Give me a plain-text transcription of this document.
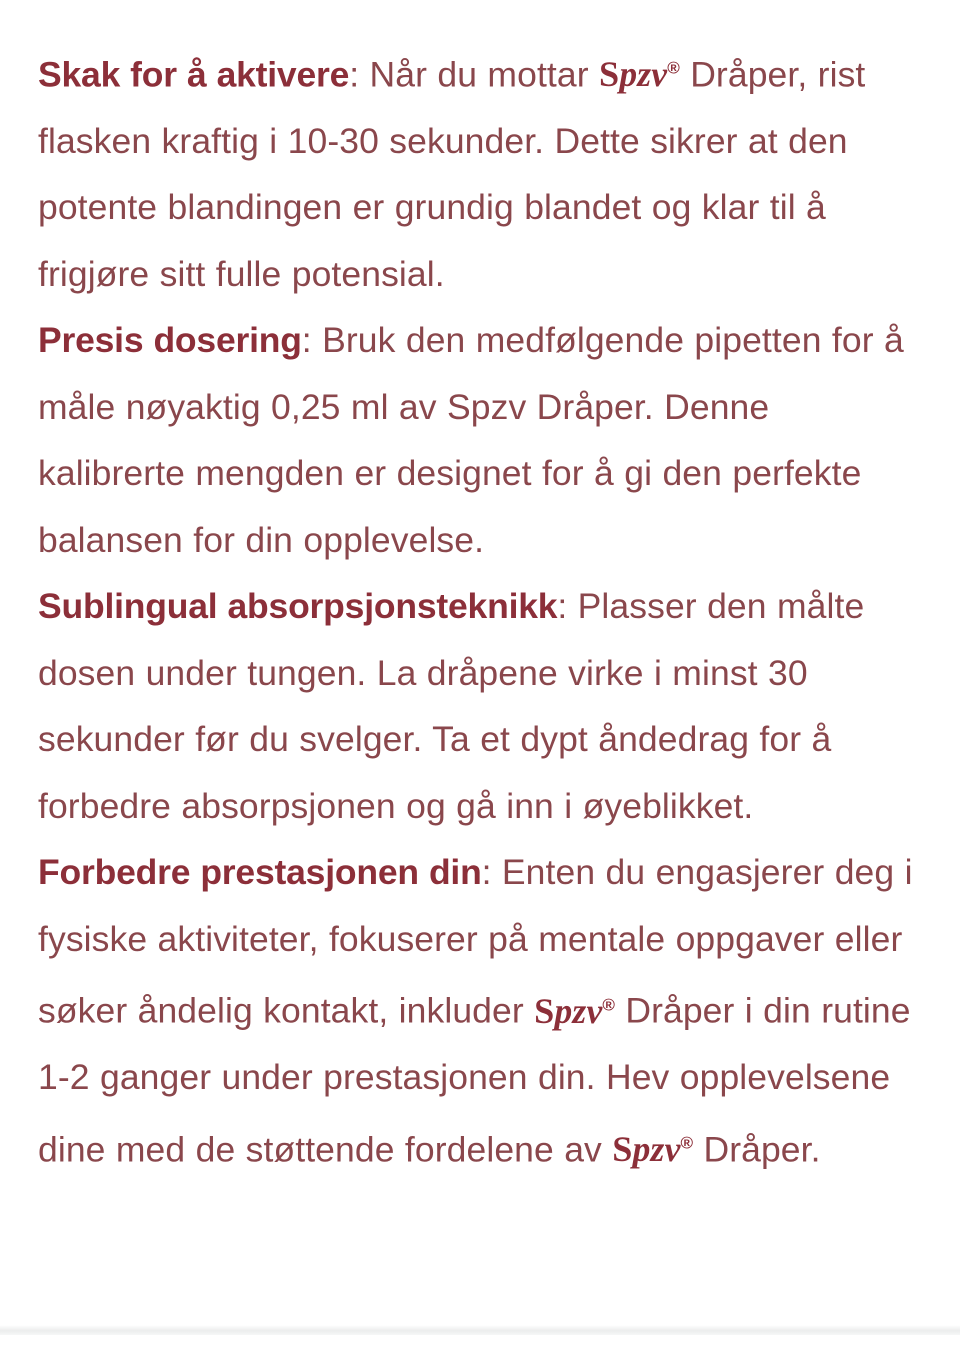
Skak for å aktivere: Når du mottar Spzv® Dråper, rist flasken kraftig i 10-30 sekunder. Dette sikrer at den potente blandingen er grundig blandet og klar til å frigjøre sitt fulle potensial.

Presis dosering: Bruk den medfølgende pipetten for å måle nøyaktig 0,25 ml av Spzv Dråper. Denne kalibrerte mengden er designet for å gi den perfekte balansen for din opplevelse.

Sublingual absorpsjonsteknikk: Plasser den målte dosen under tungen. La dråpene virke i minst 30 sekunder før du svelger. Ta et dypt åndedrag for å forbedre absorpsjonen og gå inn i øyeblikket.

Forbedre prestasjonen din: Enten du engasjerer deg i fysiske aktiviteter, fokuserer på mentale oppgaver eller søker åndelig kontakt, inkluder Spzv® Dråper i din rutine 1-2 ganger under prestasjonen din. Hev opplevelsene dine med de støttende fordelene av Spzv® Dråper.
